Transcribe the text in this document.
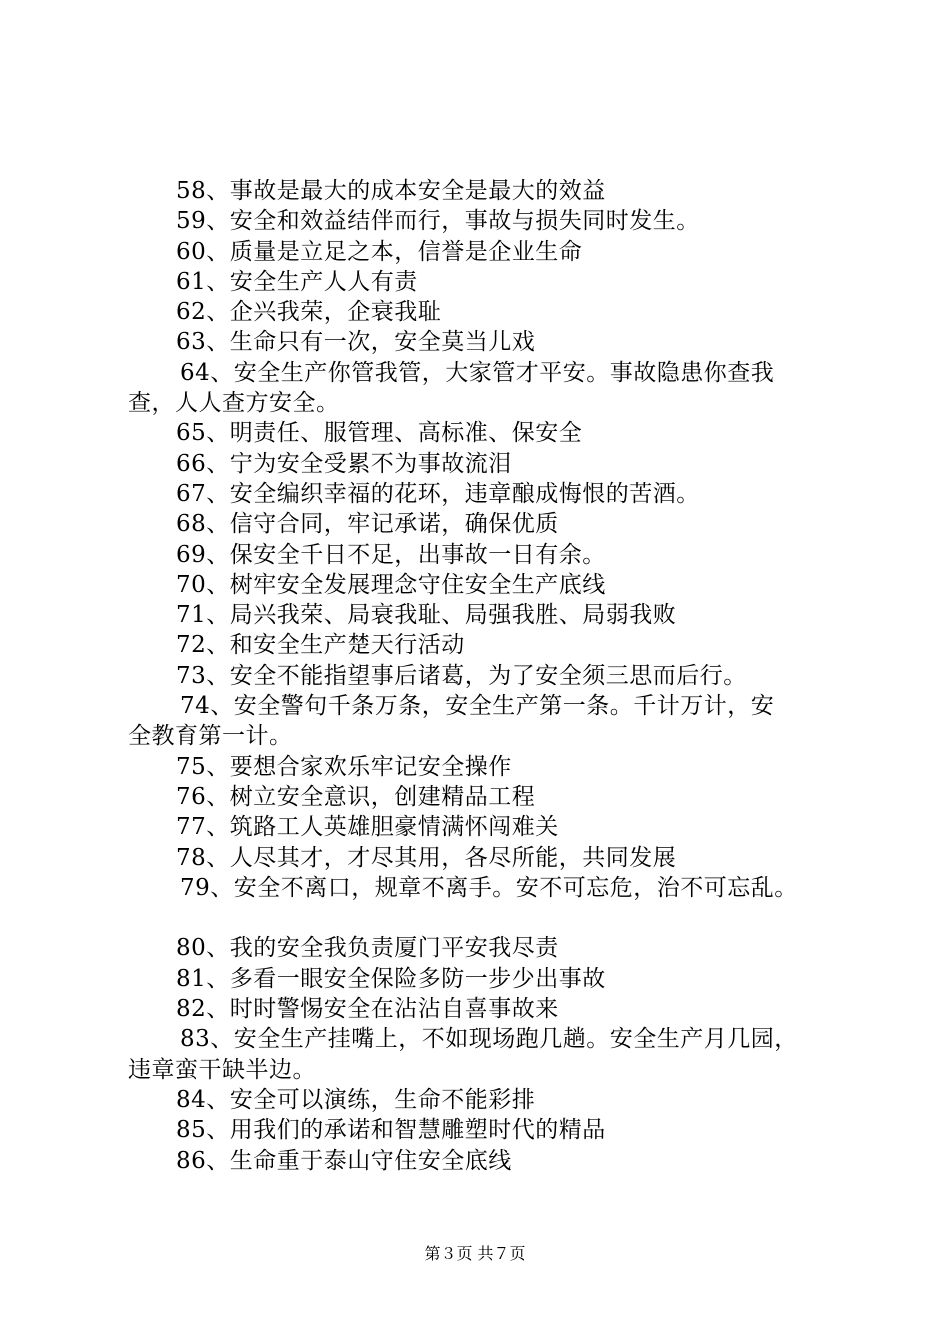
58、事故是最大的成本安全是最大的效益
59、安全和效益结伴而行，事故与损失同时发生。
60、质量是立足之本，信誉是企业生命
61、安全生产人人有责
62、企兴我荣，企衰我耻
63、生命只有一次，安全莫当儿戏
64、安全生产你管我管，大家管才平安。事故隐患你查我
查，人人查方安全。
65、明责任、服管理、高标准、保安全
66、宁为安全受累不为事故流泪
67、安全编织幸福的花环，违章酿成悔恨的苦酒。
68、信守合同，牢记承诺，确保优质
69、保安全千日不足，出事故一日有余。
70、树牢安全发展理念守住安全生产底线
71、局兴我荣、局衰我耻、局强我胜、局弱我败
72、和安全生产楚天行活动
73、安全不能指望事后诸葛，为了安全须三思而后行。
74、安全警句千条万条，安全生产第一条。千计万计，安
全教育第一计。
75、要想合家欢乐牢记安全操作
76、树立安全意识，创建精品工程
77、筑路工人英雄胆豪情满怀闯难关
78、人尽其才，才尽其用，各尽所能，共同发展
79、安全不离口，规章不离手。安不可忘危，治不可忘乱。
80、我的安全我负责厦门平安我尽责
81、多看一眼安全保险多防一步少出事故
82、时时警惕安全在沾沾自喜事故来
83、安全生产挂嘴上，不如现场跑几趟。安全生产月几园，
违章蛮干缺半边。
84、安全可以演练，生命不能彩排
85、用我们的承诺和智慧雕塑时代的精品
86、生命重于泰山守住安全底线
第３页 共７页
